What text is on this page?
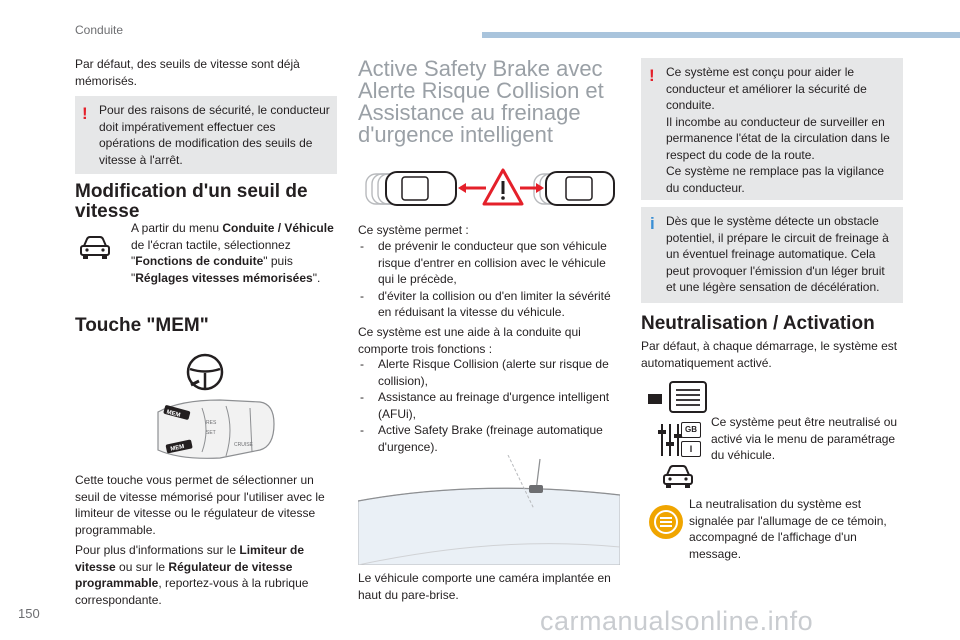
Conduite
Par défaut, des seuils de vitesse sont déjà mémorisés.
! Pour des raisons de sécurité, le conducteur doit impérativement effectuer ces opérations de modification des seuils de vitesse à l'arrêt.
Modification d'un seuil de vitesse
A partir du menu Conduite / Véhicule de l'écran tactile, sélectionnez "Fonctions de conduite" puis "Réglages vitesses mémorisées".
Touche "MEM"
MEM
MEM
SET
RES
CRUISE
Cette touche vous permet de sélectionner un seuil de vitesse mémorisé pour l'utiliser avec le limiteur de vitesse ou le régulateur de vitesse programmable.
Pour plus d'informations sur le Limiteur de vitesse ou sur le Régulateur de vitesse programmable, reportez-vous à la rubrique correspondante.
Active Safety Brake avec Alerte Risque Collision et Assistance au freinage d'urgence intelligent
Ce système permet :
- de prévenir le conducteur que son véhicule risque d'entrer en collision avec le véhicule qui le précède,
- d'éviter la collision ou d'en limiter la sévérité en réduisant la vitesse du véhicule.
Ce système est une aide à la conduite qui comporte trois fonctions :
- Alerte Risque Collision (alerte sur risque de collision),
- Assistance au freinage d'urgence intelligent (AFUi),
- Active Safety Brake (freinage automatique d'urgence).
Le véhicule comporte une caméra implantée en haut du pare-brise.
! Ce système est conçu pour aider le conducteur et améliorer la sécurité de conduite.
Il incombe au conducteur de surveiller en permanence l'état de la circulation dans le respect du code de la route.
Ce système ne remplace pas la vigilance du conducteur.
i Dès que le système détecte un obstacle potentiel, il prépare le circuit de freinage à un éventuel freinage automatique. Cela peut provoquer l'émission d'un léger bruit et une légère sensation de décélération.
Neutralisation / Activation
Par défaut, à chaque démarrage, le système est automatiquement activé.
GB
I
Ce système peut être neutralisé ou activé via le menu de paramétrage du véhicule.
La neutralisation du système est signalée par l'allumage de ce témoin, accompagné de l'affichage d'un message.
150	carmanualsonline.info
